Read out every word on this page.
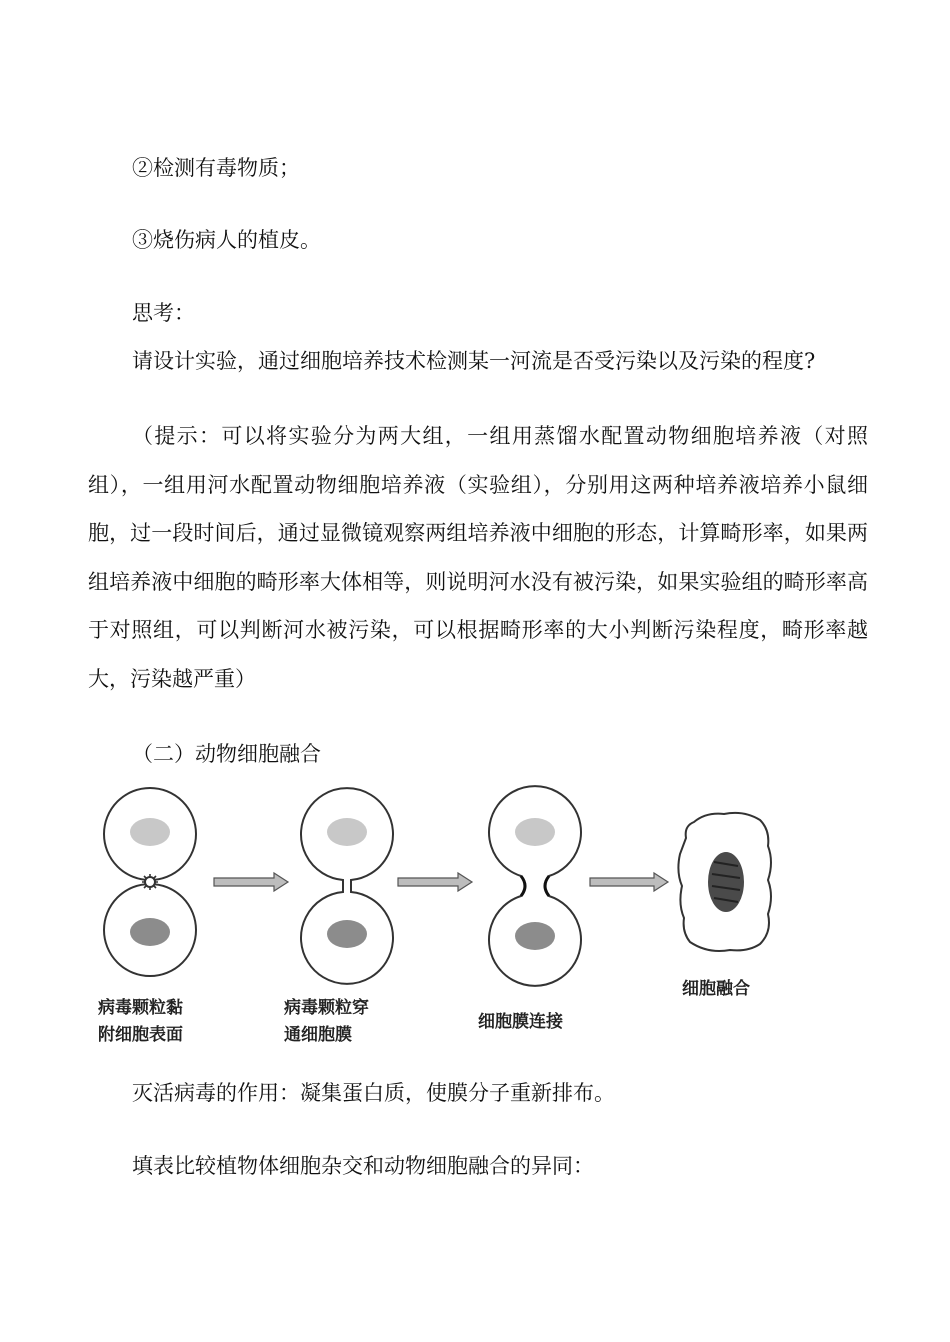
②检测有毒物质；
③烧伤病人的植皮。
思考：
请设计实验，通过细胞培养技术检测某一河流是否受污染以及污染的程度?
（提示：可以将实验分为两大组，一组用蒸馏水配置动物细胞培养液（对照组），一组用河水配置动物细胞培养液（实验组），分别用这两种培养液培养小鼠细胞，过一段时间后，通过显微镜观察两组培养液中细胞的形态，计算畸形率，如果两组培养液中细胞的畸形率大体相等，则说明河水没有被污染，如果实验组的畸形率高于对照组，可以判断河水被污染，可以根据畸形率的大小判断污染程度，畸形率越大，污染越严重）
（二）动物细胞融合
病毒颗粒黏
附细胞表面
病毒颗粒穿
通细胞膜
细胞膜连接
细胞融合
灭活病毒的作用：凝集蛋白质，使膜分子重新排布。
填表比较植物体细胞杂交和动物细胞融合的异同：
